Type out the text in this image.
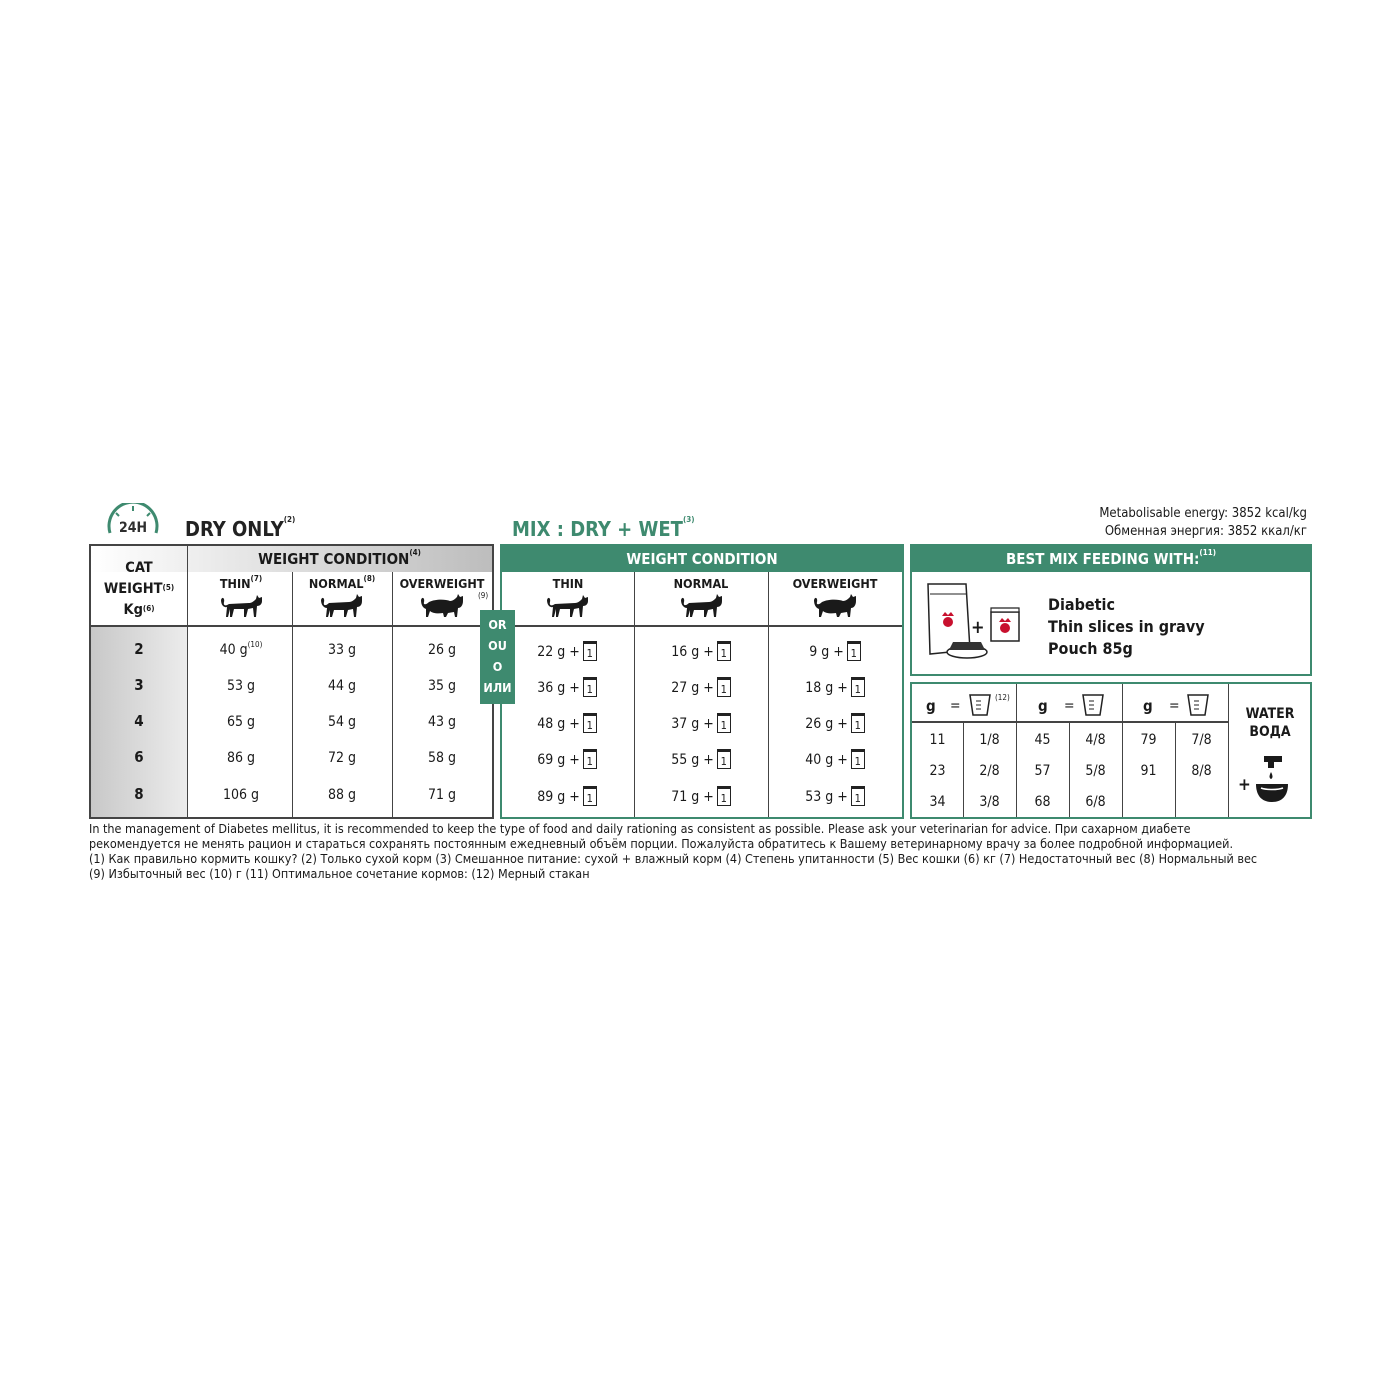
24H	DRY ONLY$^{(2)}$	MIX : DRY + $WET^{(3)}$	Metabolisable energy: 3852 kcal/kg
Обменная энергия: 3852 ккал/кг
WEIGHT CONDITION$^{(4)}$
CAT
WEIGHT$^{(5)}$
Kg$^{(6)}$
THIN$^{(7)}$	NORMAL$^{(8)}$	OVERWEIGHT
(9)
2	40 $g^{(10)}$	33 g	26 g
3	53 g	44 g	35 g
4	65 g	54 g	43 g
6	86 g	72 g	58 g
8	106 g	88 g	71 g
WEIGHT CONDITION
THIN	NORMAL	OVERWEIGHT
22 g + 1	16 g + 1	9 g + 1
36 g + 1	27 g + 1	18 g + 1
48 g + 1	37 g + 1	26 g + 1
69 g + 1	55 g + 1	40 g + 1
89 g + 1	71 g + 1	53 g + 1
OR
OU
O
ИЛИ
BEST MIX FEEDING WITH:$^{(11)}$
+
Diabetic
Thin slices in gravy
Pouch 85g
g =
(12) g =	g =
11	1/8	45	4/8	79	7/8
23	2/8	57	5/8	91	8/8
34	3/8	68	6/8
WATER
ВОДА
+
In the management of Diabetes mellitus, it is recommended to keep the type of food and daily rationing as consistent as possible. Please ask your veterinarian for advice. При сахарном диабете
рекомендуется не менять рацион и стараться сохранять постоянным ежедневный объём порции. Пожалуйста обратитесь к Вашему ветеринарному врачу за более подробной информацией.
(1) Как правильно кормить кошку? (2) Только сухой корм (3) Смешанное питание: сухой + влажный корм (4) Степень упитанности (5) Вес кошки (6) кг (7) Недостаточный вес (8) Нормальный вес
(9) Избыточный вес (10) г (11) Оптимальное сочетание кормов: (12) Мерный стакан
